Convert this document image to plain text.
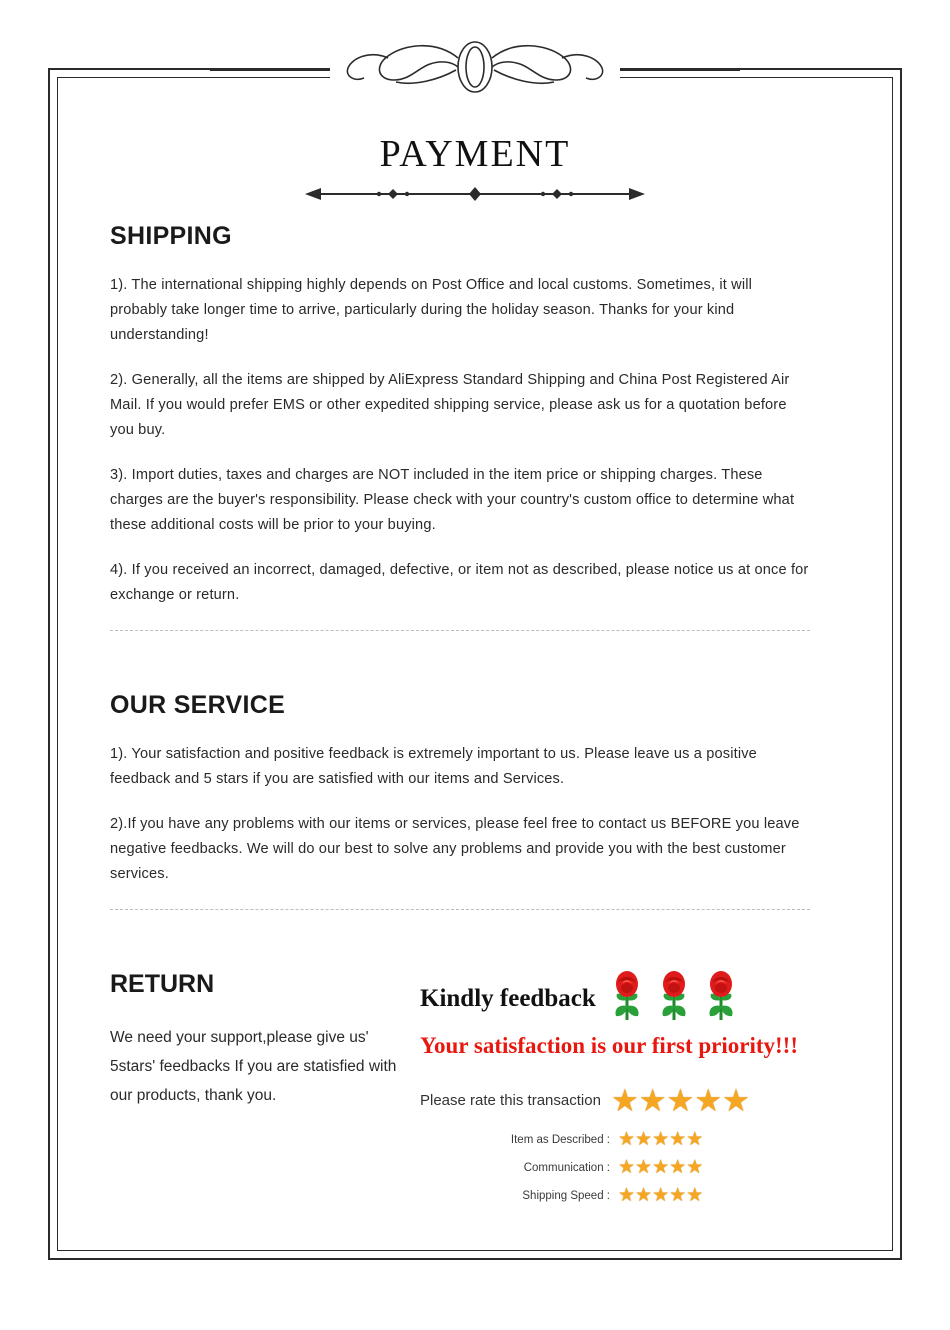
PAYMENT
SHIPPING

1). The international shipping highly depends on Post Office and local customs. Sometimes, it will probably take longer time to arrive, particularly during the holiday season. Thanks for your kind understanding!

2). Generally, all the items are shipped by AliExpress Standard Shipping and China Post Registered Air Mail. If you would prefer EMS or other expedited shipping service, please ask us for a quotation before you buy.

3). Import duties, taxes and charges are NOT included in the item price or shipping charges. These charges are the buyer's responsibility. Please check with your country's custom office to determine what these additional costs will be prior to your buying.

4). If you received an incorrect, damaged, defective, or item not as described, please notice us at once for exchange or return.

OUR SERVICE

1). Your satisfaction and positive feedback is extremely important to us. Please leave us a positive feedback and 5 stars if you are satisfied with our items and Services.

2).If you have any problems with our items or services, please feel free to contact us BEFORE you leave negative feedbacks. We will do our best to solve any problems and provide you with the best customer services.

RETURN
We need your support,please give us' 5stars' feedbacks If you are statisfied with our products, thank you.
Kindly feedback
Your satisfaction is our first priority!!!
Please rate this transaction ★ ★ ★ ★ ★
Item as Described : ★ ★ ★ ★ ★
Communication : ★ ★ ★ ★ ★
Shipping Speed : ★ ★ ★ ★ ★
